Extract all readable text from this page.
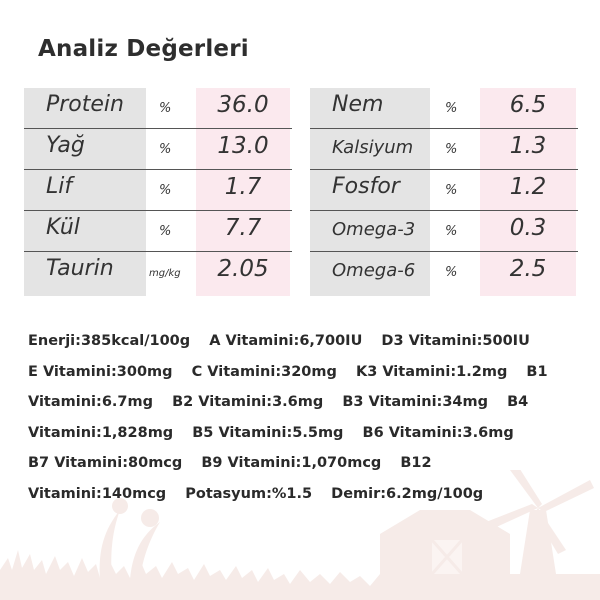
Analiz Değerleri
Protein	%	36.0
Yağ	%	13.0
Lif	%	1.7
Kül	%	7.7
Taurin	mg/kg	2.05
Nem	%	6.5
Kalsiyum %	1.3
Fosfor	%	1.2
Omega-3 %	0.3
Omega-6 %	2.5
Enerji:385kcal/100g A Vitamini:6,700IU D3 Vitamini:500IU E Vitamini:300mg C Vitamini:320mg K3 Vitamini:1.2mg B1 Vitamini:6.7mg B2 Vitamini:3.6mg B3 Vitamini:34mg B4 Vitamini:1,828mg B5 Vitamini:5.5mg B6 Vitamini:3.6mg B7 Vitamini:80mcg B9 Vitamini:1,070mcg B12 Vitamini:140mcg Potasyum:%1.5 Demir:6.2mg/100g
